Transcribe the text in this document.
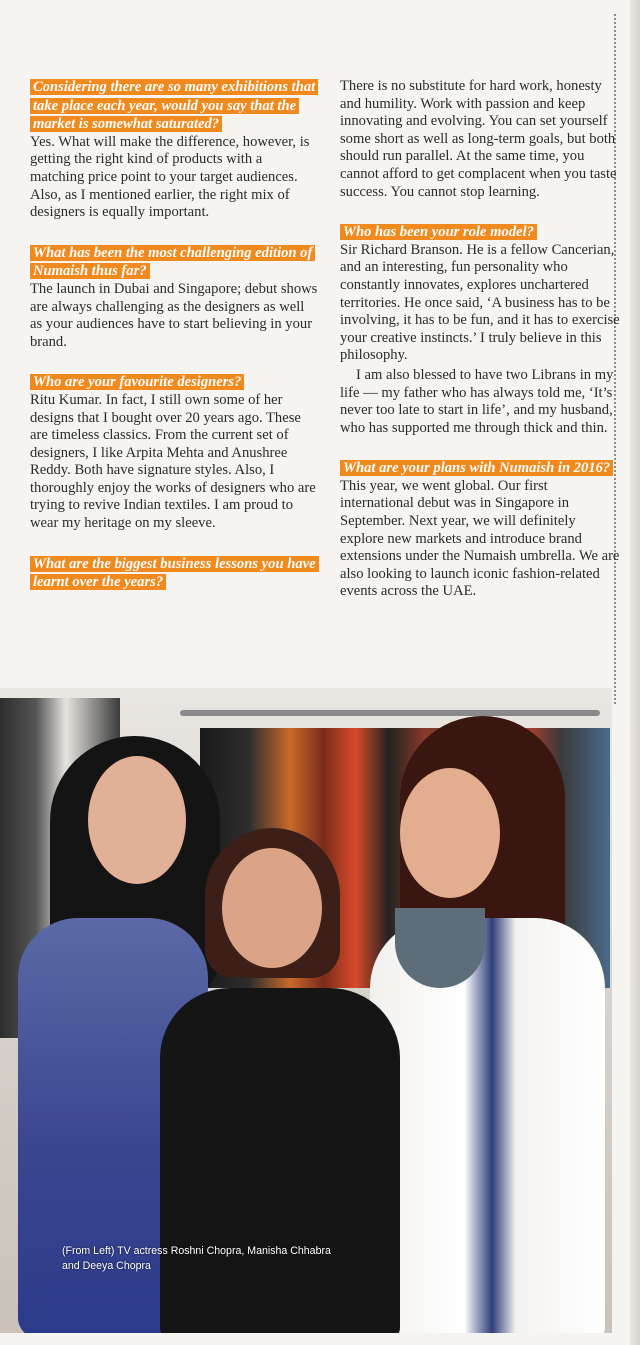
Considering there are so many exhibitions that take place each year, would you say that the market is somewhat saturated?

Yes. What will make the difference, however, is getting the right kind of products with a matching price point to your target audiences. Also, as I mentioned earlier, the right mix of designers is equally important.

What has been the most challenging edition of Numaish thus far?

The launch in Dubai and Singapore; debut shows are always challenging as the designers as well as your audiences have to start believing in your brand.

Who are your favourite designers?

Ritu Kumar. In fact, I still own some of her designs that I bought over 20 years ago. These are timeless classics. From the current set of designers, I like Arpita Mehta and Anushree Reddy. Both have signature styles. Also, I thoroughly enjoy the works of designers who are trying to revive Indian textiles. I am proud to wear my heritage on my sleeve.

What are the biggest business lessons you have learnt over the years?

There is no substitute for hard work, honesty and humility. Work with passion and keep innovating and evolving. You can set yourself some short as well as long-term goals, but both should run parallel. At the same time, you cannot afford to get complacent when you taste success. You cannot stop learning.

Who has been your role model?

Sir Richard Branson. He is a fellow Cancerian, and an interesting, fun personality who constantly innovates, explores unchartered territories. He once said, ‘A business has to be involving, it has to be fun, and it has to exercise your creative instincts.’ I truly believe in this philosophy.

I am also blessed to have two Librans in my life — my father who has always told me, ‘It’s never too late to start in life’, and my husband, who has supported me through thick and thin.

What are your plans with Numaish in 2016?

This year, we went global. Our first international debut was in Singapore in September. Next year, we will definitely explore new markets and introduce brand extensions under the Numaish umbrella. We are also looking to launch iconic fashion-related events across the UAE.

(From Left) TV actress Roshni Chopra, Manisha Chhabra and Deeya Chopra
